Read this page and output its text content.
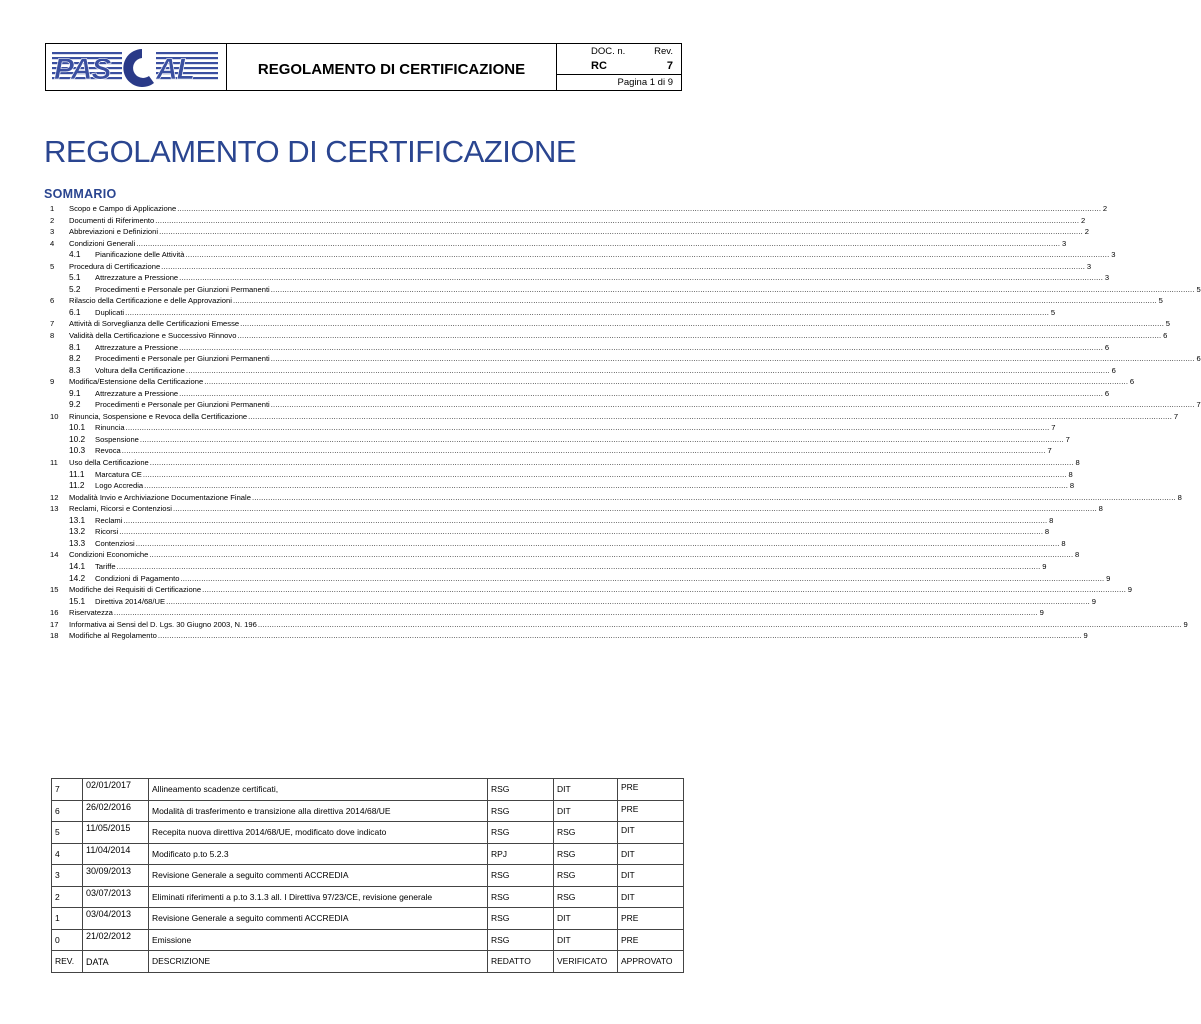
PAS AL	REGOLAMENTO DI CERTIFICAZIONE
DOC. n.	Rev.
RC	7
Pagina 1 di 9
REGOLAMENTO DI CERTIFICAZIONE
SOMMARIO
1	Scopo e Campo di Applicazione ................................................................................................................................................................................................................................................................................................................................................................................................................ 2
2	Documenti di Riferimento ................................................................................................................................................................................................................................................................................................................................................................................................................ 2
3	Abbreviazioni e Definizioni ................................................................................................................................................................................................................................................................................................................................................................................................................ 2
4	Condizioni Generali ................................................................................................................................................................................................................................................................................................................................................................................................................ 3
4.1	Pianificazione delle Attività ................................................................................................................................................................................................................................................................................................................................................................................................................ 3
5	Procedura di Certificazione ................................................................................................................................................................................................................................................................................................................................................................................................................ 3
5.1	Attrezzature a Pressione ................................................................................................................................................................................................................................................................................................................................................................................................................ 3
5.2	Procedimenti e Personale per Giunzioni Permanenti ................................................................................................................................................................................................................................................................................................................................................................................................................ 5
6	Rilascio della Certificazione e delle Approvazioni ................................................................................................................................................................................................................................................................................................................................................................................................................ 5
6.1	Duplicati ................................................................................................................................................................................................................................................................................................................................................................................................................ 5
7	Attività di Sorveglianza delle Certificazioni Emesse ................................................................................................................................................................................................................................................................................................................................................................................................................ 5
8	Validità della Certificazione e Successivo Rinnovo ................................................................................................................................................................................................................................................................................................................................................................................................................ 6
8.1	Attrezzature a Pressione ................................................................................................................................................................................................................................................................................................................................................................................................................ 6
8.2	Procedimenti e Personale per Giunzioni Permanenti ................................................................................................................................................................................................................................................................................................................................................................................................................ 6
8.3	Voltura della Certificazione ................................................................................................................................................................................................................................................................................................................................................................................................................ 6
9	Modifica/Estensione della Certificazione ................................................................................................................................................................................................................................................................................................................................................................................................................ 6
9.1	Attrezzature a Pressione ................................................................................................................................................................................................................................................................................................................................................................................................................ 6
9.2	Procedimenti e Personale per Giunzioni Permanenti ................................................................................................................................................................................................................................................................................................................................................................................................................ 7
10	Rinuncia, Sospensione e Revoca della Certificazione ................................................................................................................................................................................................................................................................................................................................................................................................................ 7
10.1	Rinuncia ................................................................................................................................................................................................................................................................................................................................................................................................................ 7
10.2	Sospensione ................................................................................................................................................................................................................................................................................................................................................................................................................ 7
10.3	Revoca ................................................................................................................................................................................................................................................................................................................................................................................................................ 7
11	Uso della Certificazione ................................................................................................................................................................................................................................................................................................................................................................................................................ 8
11.1	Marcatura CE ................................................................................................................................................................................................................................................................................................................................................................................................................ 8
11.2	Logo Accredia ................................................................................................................................................................................................................................................................................................................................................................................................................ 8
12	Modalità Invio e Archiviazione Documentazione Finale ................................................................................................................................................................................................................................................................................................................................................................................................................ 8
13	Reclami, Ricorsi e Contenziosi ................................................................................................................................................................................................................................................................................................................................................................................................................ 8
13.1	Reclami ................................................................................................................................................................................................................................................................................................................................................................................................................ 8
13.2	Ricorsi ................................................................................................................................................................................................................................................................................................................................................................................................................ 8
13.3	Contenziosi ................................................................................................................................................................................................................................................................................................................................................................................................................ 8
14	Condizioni Economiche ................................................................................................................................................................................................................................................................................................................................................................................................................ 8
14.1	Tariffe ................................................................................................................................................................................................................................................................................................................................................................................................................ 9
14.2	Condizioni di Pagamento ................................................................................................................................................................................................................................................................................................................................................................................................................ 9
15	Modifiche dei Requisiti di Certificazione ................................................................................................................................................................................................................................................................................................................................................................................................................ 9
15.1	Direttiva 2014/68/UE ................................................................................................................................................................................................................................................................................................................................................................................................................ 9
16	Riservatezza ................................................................................................................................................................................................................................................................................................................................................................................................................ 9
17	Informativa ai Sensi del D. Lgs. 30 Giugno 2003, N. 196 ................................................................................................................................................................................................................................................................................................................................................................................................................ 9
18	Modifiche al Regolamento ................................................................................................................................................................................................................................................................................................................................................................................................................ 9
7	02/01/2017	Allineamento scadenze certificati,	RSG	DIT	PRE
6	26/02/2016	Modalità di trasferimento e transizione alla direttiva 2014/68/UE	RSG	DIT	PRE
5	11/05/2015	Recepita nuova direttiva 2014/68/UE, modificato dove indicato	RSG	RSG	DIT
4	11/04/2014	Modificato p.to 5.2.3	RPJ	RSG	DIT
3	30/09/2013	Revisione Generale a seguito commenti ACCREDIA	RSG	RSG	DIT
2	03/07/2013	Eliminati riferimenti a p.to 3.1.3 all. I Direttiva 97/23/CE, revisione generale	RSG	RSG	DIT
1	03/04/2013	Revisione Generale a seguito commenti ACCREDIA	RSG	DIT	PRE
0	21/02/2012	Emissione	RSG	DIT	PRE
REV.	DATA	DESCRIZIONE	REDATTO	VERIFICATO	APPROVATO
